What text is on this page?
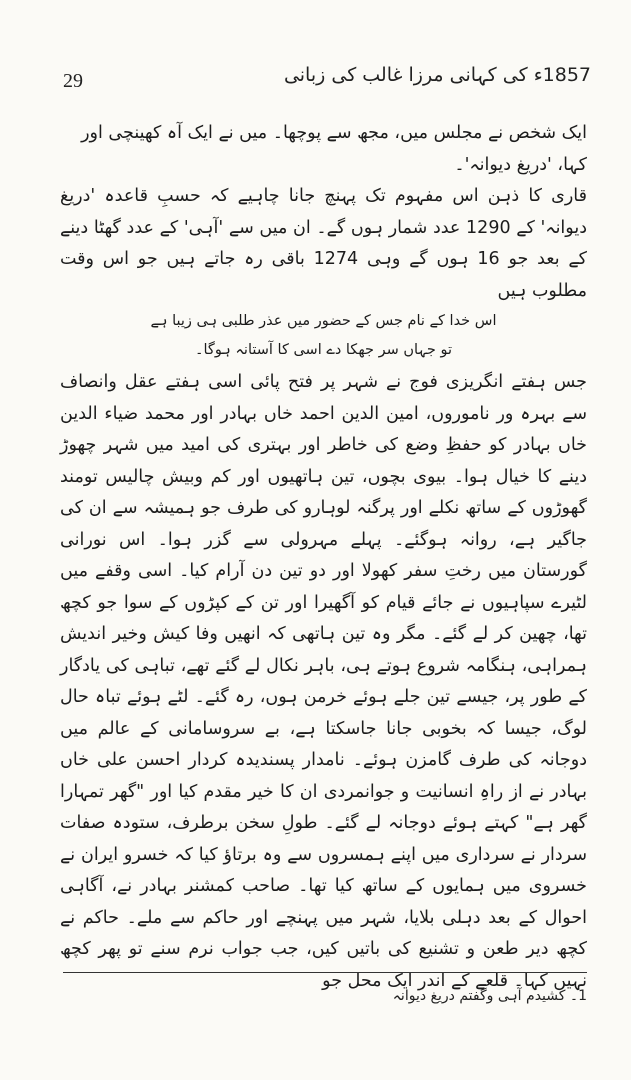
29	1857ء کی کہانی مرزا غالب کی زبانی

ایک شخص نے مجلس میں، مجھ سے پوچھا۔ میں نے ایک آہ کھینچی اور کہا، 'دریغ دیوانہ'۔

قاری کا ذہن اس مفہوم تک پہنچ جانا چاہیے کہ حسبِ قاعدہ 'دریغ دیوانہ' کے 1290 عدد شمار ہوں گے۔ ان میں سے 'آہی' کے عدد گھٹا دینے کے بعد جو 16 ہوں گے وہی 1274 باقی رہ جاتے ہیں جو اس وقت مطلوب ہیں

اس خدا کے نام جس کے حضور میں عذر طلبی ہی زیبا ہے

تو جہاں سر جھکا دے اسی کا آستانہ ہوگا۔

جس ہفتے انگریزی فوج نے شہر پر فتح پائی اسی ہفتے عقل وانصاف سے بہرہ ور ناموروں، امین الدین احمد خاں بہادر اور محمد ضیاء الدین خاں بہادر کو حفظِ وضع کی خاطر اور بہتری کی امید میں شہر چھوڑ دینے کا خیال ہوا۔ بیوی بچوں، تین ہاتھیوں اور کم وبیش چالیس تومند گھوڑوں کے ساتھ نکلے اور پرگنہ لوہارو کی طرف جو ہمیشہ سے ان کی جاگیر ہے، روانہ ہوگئے۔ پہلے مہرولی سے گزر ہوا۔ اس نورانی گورستان میں رختِ سفر کھولا اور دو تین دن آرام کیا۔ اسی وقفے میں لٹیرے سپاہیوں نے جائے قیام کو آگھیرا اور تن کے کپڑوں کے سوا جو کچھ تھا، چھین کر لے گئے۔ مگر وہ تین ہاتھی کہ انھیں وفا کیش وخیر اندیش ہمراہی، ہنگامہ شروع ہوتے ہی، باہر نکال لے گئے تھے، تباہی کی یادگار کے طور پر، جیسے تین جلے ہوئے خرمن ہوں، رہ گئے۔ لٹے ہوئے تباہ حال لوگ، جیسا کہ بخوبی جانا جاسکتا ہے، بے سروسامانی کے عالم میں دوجانہ کی طرف گامزن ہوئے۔ نامدار پسندیدہ کردار احسن علی خاں بہادر نے از راہِ انسانیت و جوانمردی ان کا خیر مقدم کیا اور "گھر تمہارا گھر ہے" کہتے ہوئے دوجانہ لے گئے۔ طولِ سخن برطرف، ستودہ صفات سردار نے سرداری میں اپنے ہمسروں سے وہ برتاؤ کیا کہ خسرو ایران نے خسروی میں ہمایوں کے ساتھ کیا تھا۔ صاحب کمشنر بہادر نے، آگاہی احوال کے بعد دہلی بلایا، شہر میں پہنچے اور حاکم سے ملے۔ حاکم نے کچھ دیر طعن و تشنیع کی باتیں کیں، جب جواب نرم سنے تو پھر کچھ نہیں کہا۔ قلعے کے اندر ایک محل جو

1۔ کشیدم آہی وگفتم دریغ دیوانہ
